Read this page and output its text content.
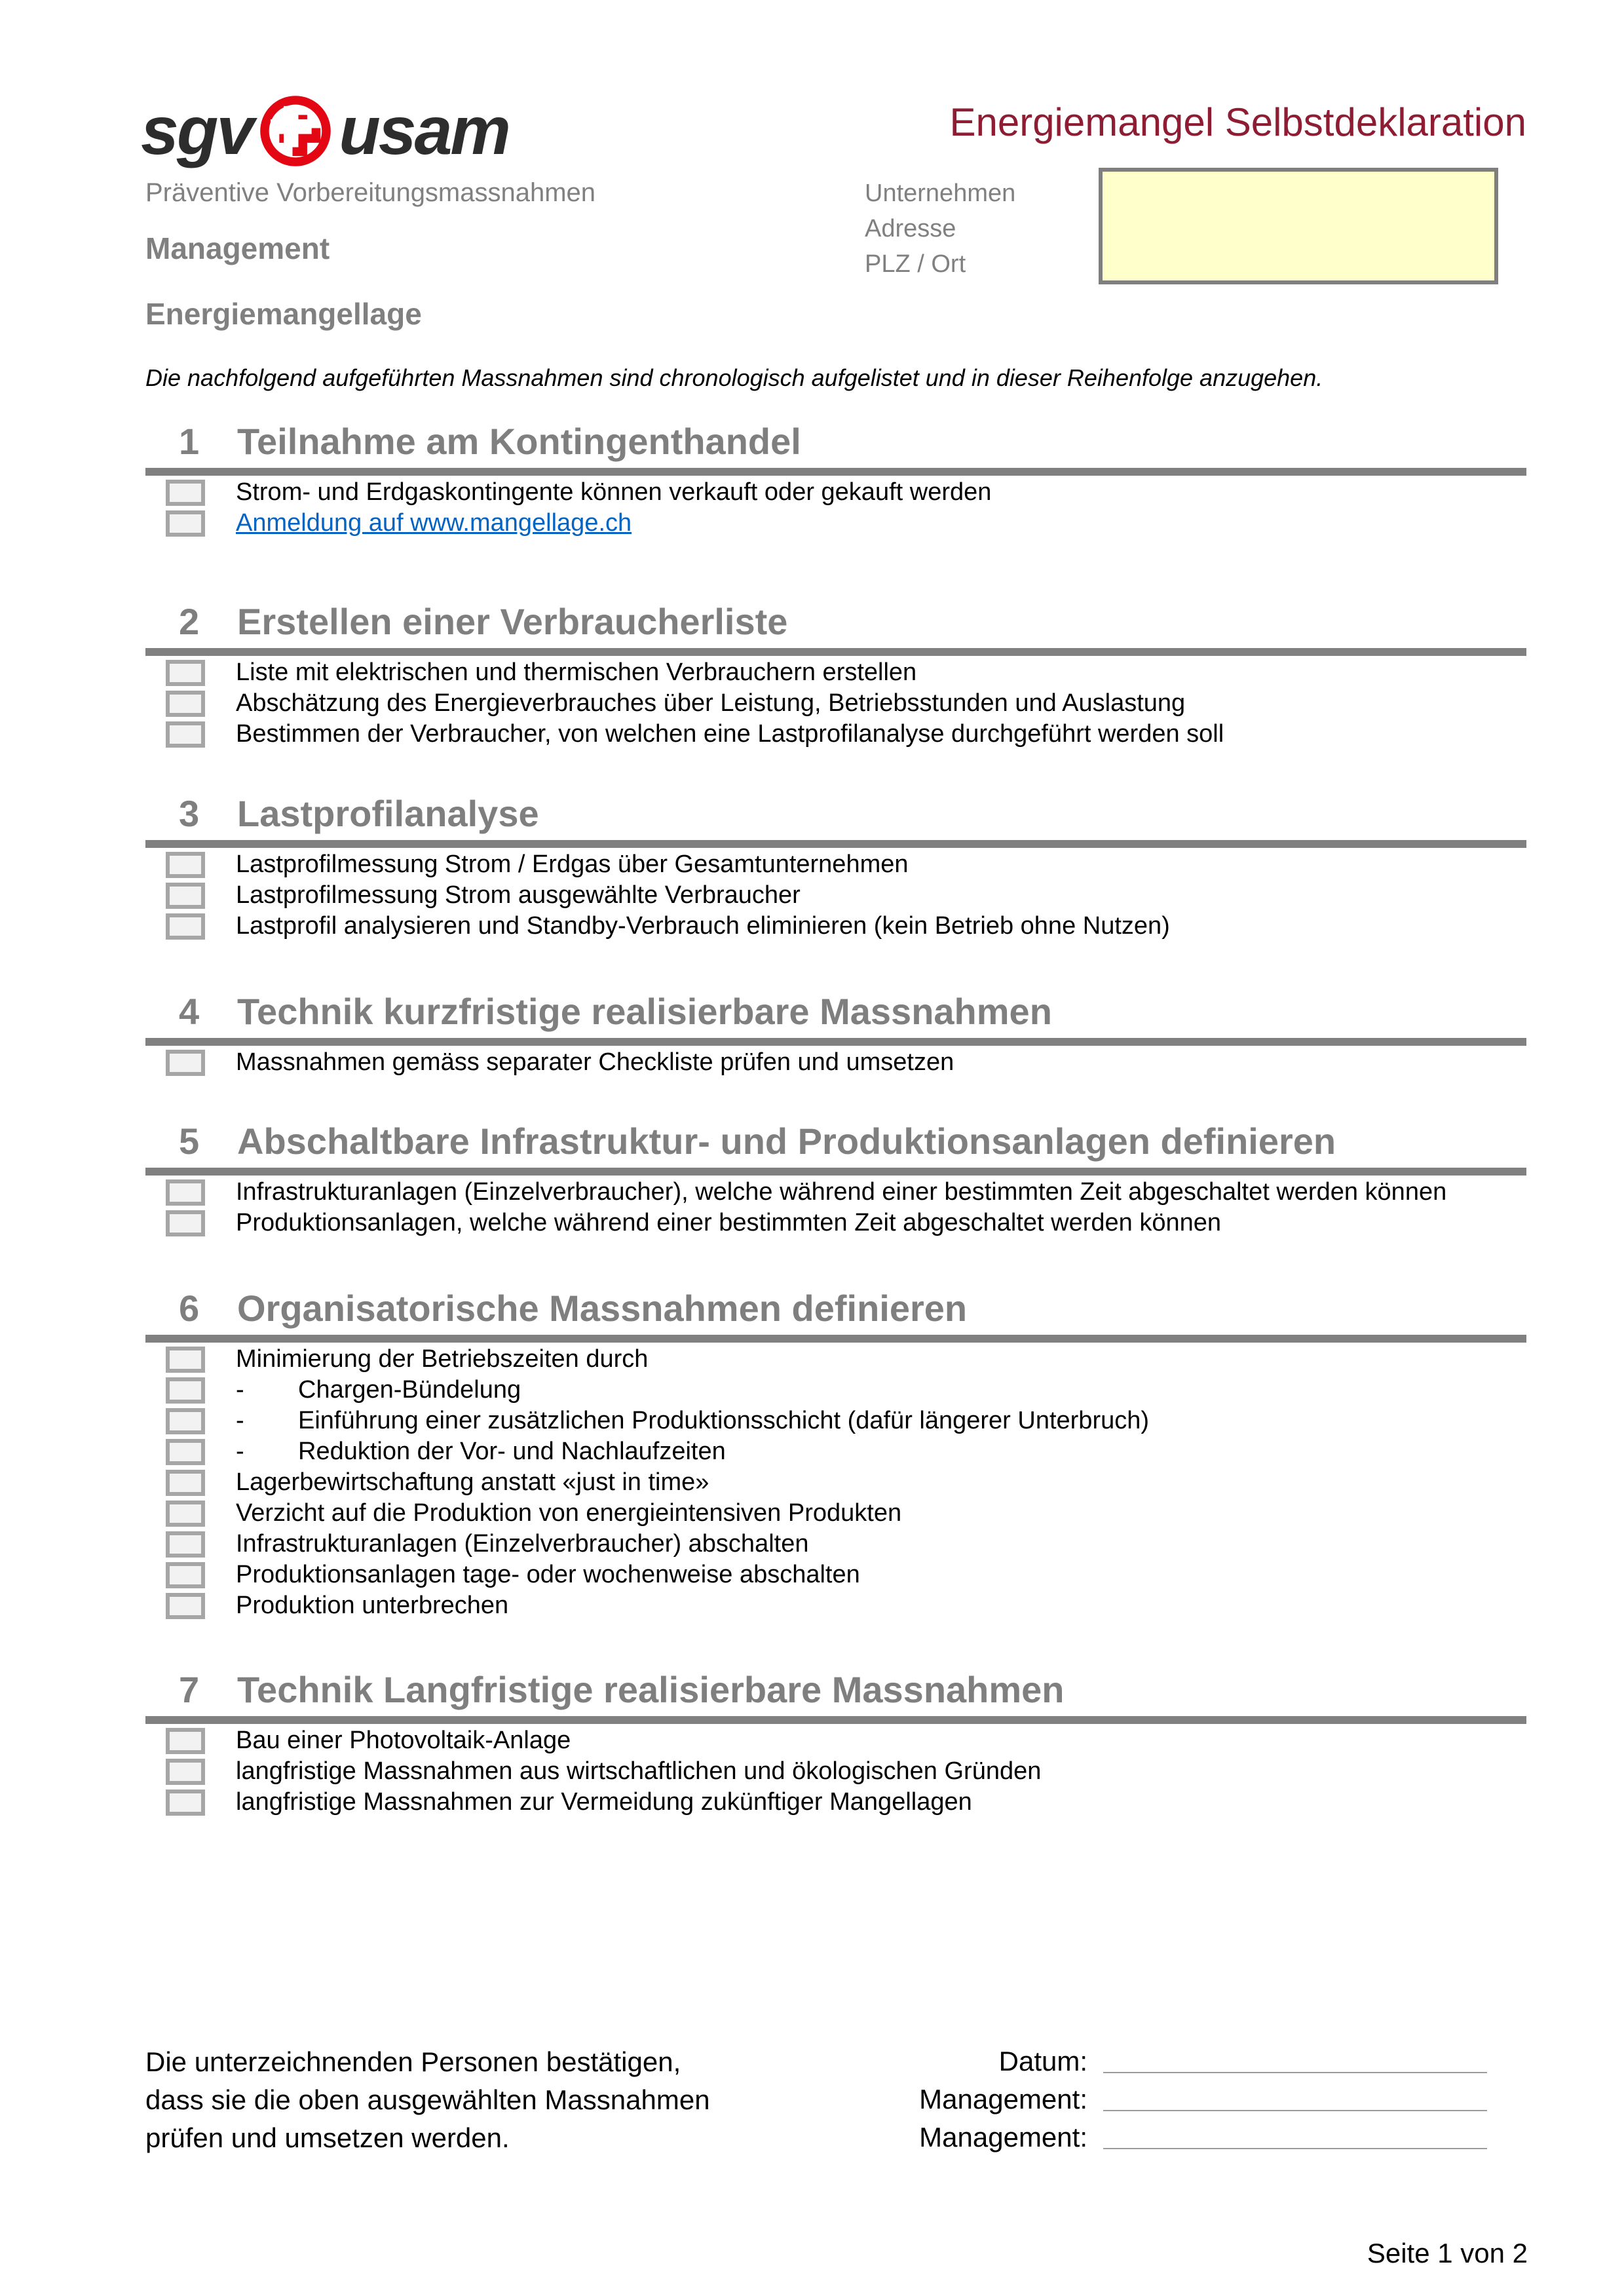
sgv usam
Präventive Vorbereitungsmassnahmen
Management
Energiemangellage
Energiemangel Selbstdeklaration
Unternehmen
Adresse
PLZ / Ort
Die nachfolgend aufgeführten Massnahmen sind chronologisch aufgelistet und in dieser Reihenfolge anzugehen.
1	Teilnahme am Kontingenthandel
Strom- und Erdgaskontingente können verkauft oder gekauft werden
Anmeldung auf www.mangellage.ch
2	Erstellen einer Verbraucherliste
Liste mit elektrischen und thermischen Verbrauchern erstellen
Abschätzung des Energieverbrauches über Leistung, Betriebsstunden und Auslastung
Bestimmen der Verbraucher, von welchen eine Lastprofilanalyse durchgeführt werden soll
3	Lastprofilanalyse
Lastprofilmessung Strom / Erdgas über Gesamtunternehmen
Lastprofilmessung Strom ausgewählte Verbraucher
Lastprofil analysieren und Standby-Verbrauch eliminieren (kein Betrieb ohne Nutzen)
4	Technik kurzfristige realisierbare Massnahmen
Massnahmen gemäss separater Checkliste prüfen und umsetzen
5	Abschaltbare Infrastruktur- und Produktionsanlagen definieren
Infrastrukturanlagen (Einzelverbraucher), welche während einer bestimmten Zeit abgeschaltet werden können
Produktionsanlagen, welche während einer bestimmten Zeit abgeschaltet werden können
6	Organisatorische Massnahmen definieren
Minimierung der Betriebszeiten durch
-	Chargen-Bündelung
-	Einführung einer zusätzlichen Produktionsschicht (dafür längerer Unterbruch)
-	Reduktion der Vor- und Nachlaufzeiten
Lagerbewirtschaftung anstatt «just in time»
Verzicht auf die Produktion von energieintensiven Produkten
Infrastrukturanlagen (Einzelverbraucher) abschalten
Produktionsanlagen tage- oder wochenweise abschalten
Produktion unterbrechen
7	Technik Langfristige realisierbare Massnahmen
Bau einer Photovoltaik-Anlage
langfristige Massnahmen aus wirtschaftlichen und ökologischen Gründen
langfristige Massnahmen zur Vermeidung zukünftiger Mangellagen
Die unterzeichnenden Personen bestätigen,
dass sie die oben ausgewählten Massnahmen
prüfen und umsetzen werden.
Datum:
Management:
Management:
Seite 1 von 2
